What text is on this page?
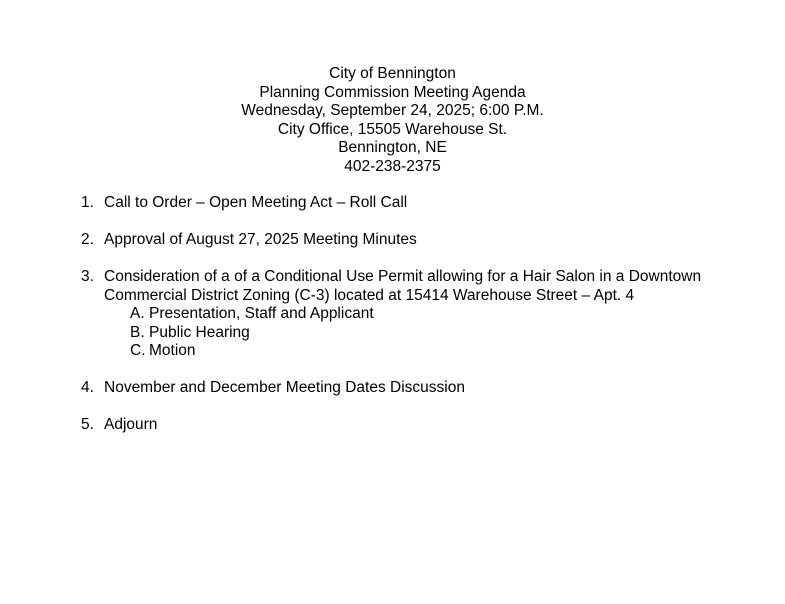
City of Bennington
Planning Commission Meeting Agenda
Wednesday, September 24, 2025; 6:00 P.M.
City Office, 15505 Warehouse St.
Bennington, NE
402-238-2375
1. Call to Order – Open Meeting Act – Roll Call
2. Approval of August 27, 2025 Meeting Minutes
3. Consideration of a of a Conditional Use Permit allowing for a Hair Salon in a Downtown Commercial District Zoning (C-3) located at 15414 Warehouse Street – Apt. 4
A. Presentation, Staff and Applicant
B. Public Hearing
C. Motion
4. November and December Meeting Dates Discussion
5. Adjourn
